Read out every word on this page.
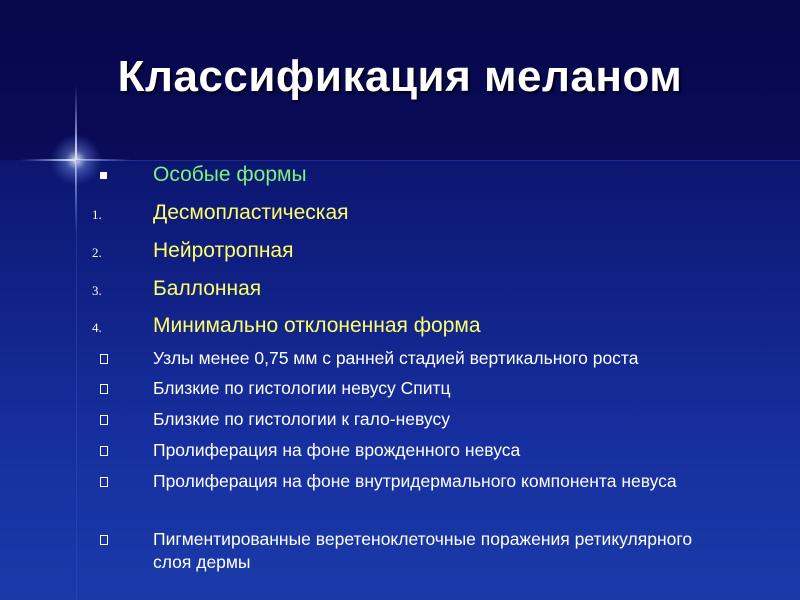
Классификация меланом
Особые формы
1.	Десмопластическая
2.	Нейротропная
3.	Баллонная
4.	Минимально отклоненная форма
Узлы менее 0,75 мм с ранней стадией вертикального роста
Близкие по гистологии невусу Спитц
Близкие по гистологии к гало-невусу
Пролиферация на фоне врожденного невуса
Пролиферация на фоне внутридермального компонента невуса
Пигментированные веретеноклеточные поражения ретикулярного слоя дермы
